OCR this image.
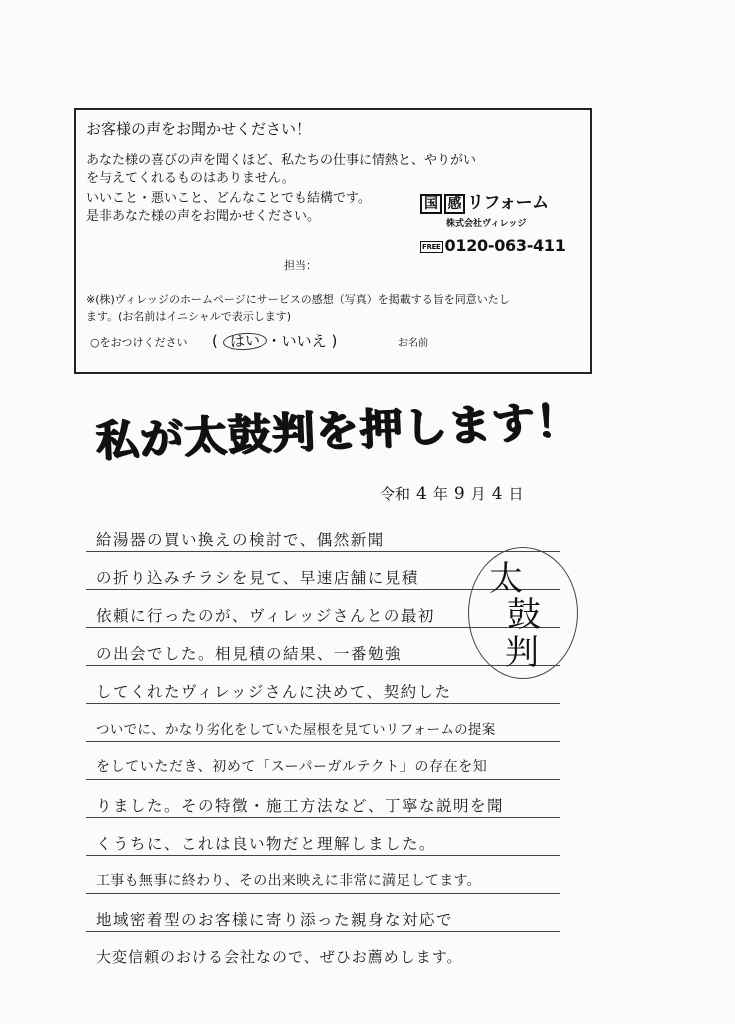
お客様の声をお聞かせください！
あなた様の喜びの声を聞くほど、私たちの仕事に情熱と、やりがい
を与えてくれるものはありません。
いいこと・悪いこと、どんなことでも結構です。
是非あなた様の声をお聞かせください。
国 感 リフォーム
株式会社ヴィレッジ
FREE 0120-063-411
担当：
※(株)ヴィレッジのホームページにサービスの感想（写真）を掲載する旨を同意いたし
ます。(お名前はイニシャルで表示します)
○をおつけください ( はい ・いいえ )	お名前
私が太鼓判を押します！
令和 4 年 9 月 4 日
給湯器の買い換えの検討で、偶然新聞
の折り込みチラシを見て、早速店舗に見積
依頼に行ったのが、ヴィレッジさんとの最初
の出会でした。相見積の結果、一番勉強
してくれたヴィレッジさんに決めて、契約した
ついでに、かなり劣化をしていた屋根を見ていリフォームの提案
をしていただき、初めて「スーパーガルテクト」の存在を知
りました。その特徴・施工方法など、丁寧な説明を聞
くうちに、これは良い物だと理解しました。
工事も無事に終わり、その出来映えに非常に満足してます。
地域密着型のお客様に寄り添った親身な対応で
大変信頼のおける会社なので、ぜひお薦めします。
太
鼓
判
